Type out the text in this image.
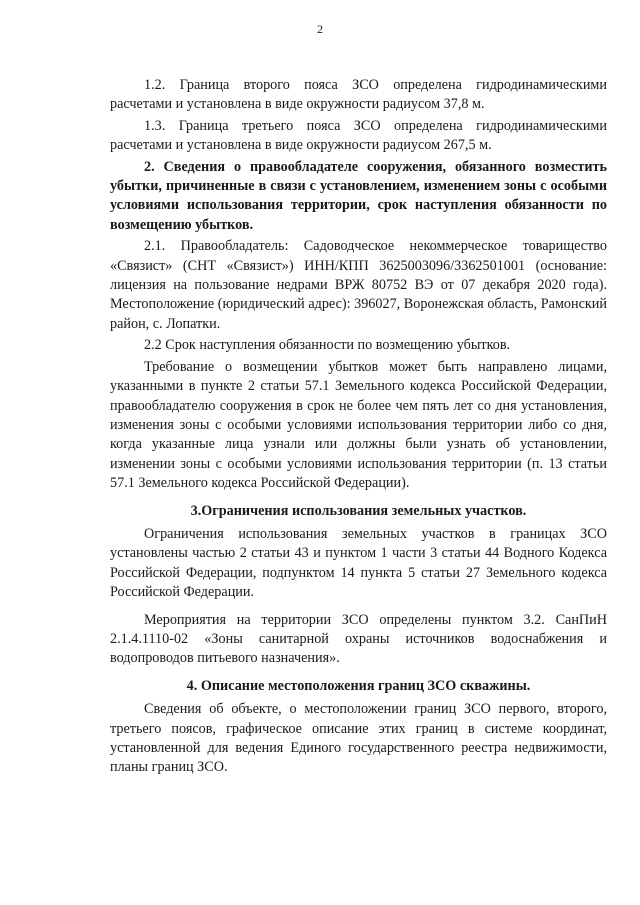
2

1.2. Граница второго пояса ЗСО определена гидродинамическими расчетами и установлена в виде окружности радиусом 37,8 м.

1.3. Граница третьего пояса ЗСО определена гидродинамическими расчетами и установлена в виде окружности радиусом 267,5 м.

2. Сведения о правообладателе сооружения, обязанного возместить убытки, причиненные в связи с установлением, изменением зоны с особыми условиями использования территории, срок наступления обязанности по возмещению убытков.

2.1. Правообладатель: Садоводческое некоммерческое товарищество «Связист» (СНТ «Связист») ИНН/КПП 3625003096/3362501001 (основание: лицензия на пользование недрами ВРЖ 80752 ВЭ от 07 декабря 2020 года). Местоположение (юридический адрес): 396027, Воронежская область, Рамонский район, с. Лопатки.

2.2 Срок наступления обязанности по возмещению убытков.

Требование о возмещении убытков может быть направлено лицами, указанными в пункте 2 статьи 57.1 Земельного кодекса Российской Федерации, правообладателю сооружения в срок не более чем пять лет со дня установления, изменения зоны с особыми условиями использования территории либо со дня, когда указанные лица узнали или должны были узнать об установлении, изменении зоны с особыми условиями использования территории (п. 13 статьи 57.1 Земельного кодекса Российской Федерации).

3.Ограничения использования земельных участков.

Ограничения использования земельных участков в границах ЗСО установлены частью 2 статьи 43 и пунктом 1 части 3 статьи 44 Водного Кодекса Российской Федерации, подпунктом 14 пункта 5 статьи 27 Земельного кодекса Российской Федерации.

Мероприятия на территории ЗСО определены пунктом 3.2. СанПиН 2.1.4.1110-02 «Зоны санитарной охраны источников водоснабжения и водопроводов питьевого назначения».

4. Описание местоположения границ ЗСО скважины.

Сведения об объекте, о местоположении границ ЗСО первого, второго, третьего поясов, графическое описание этих границ в системе координат, установленной для ведения Единого государственного реестра недвижимости, планы границ ЗСО.
